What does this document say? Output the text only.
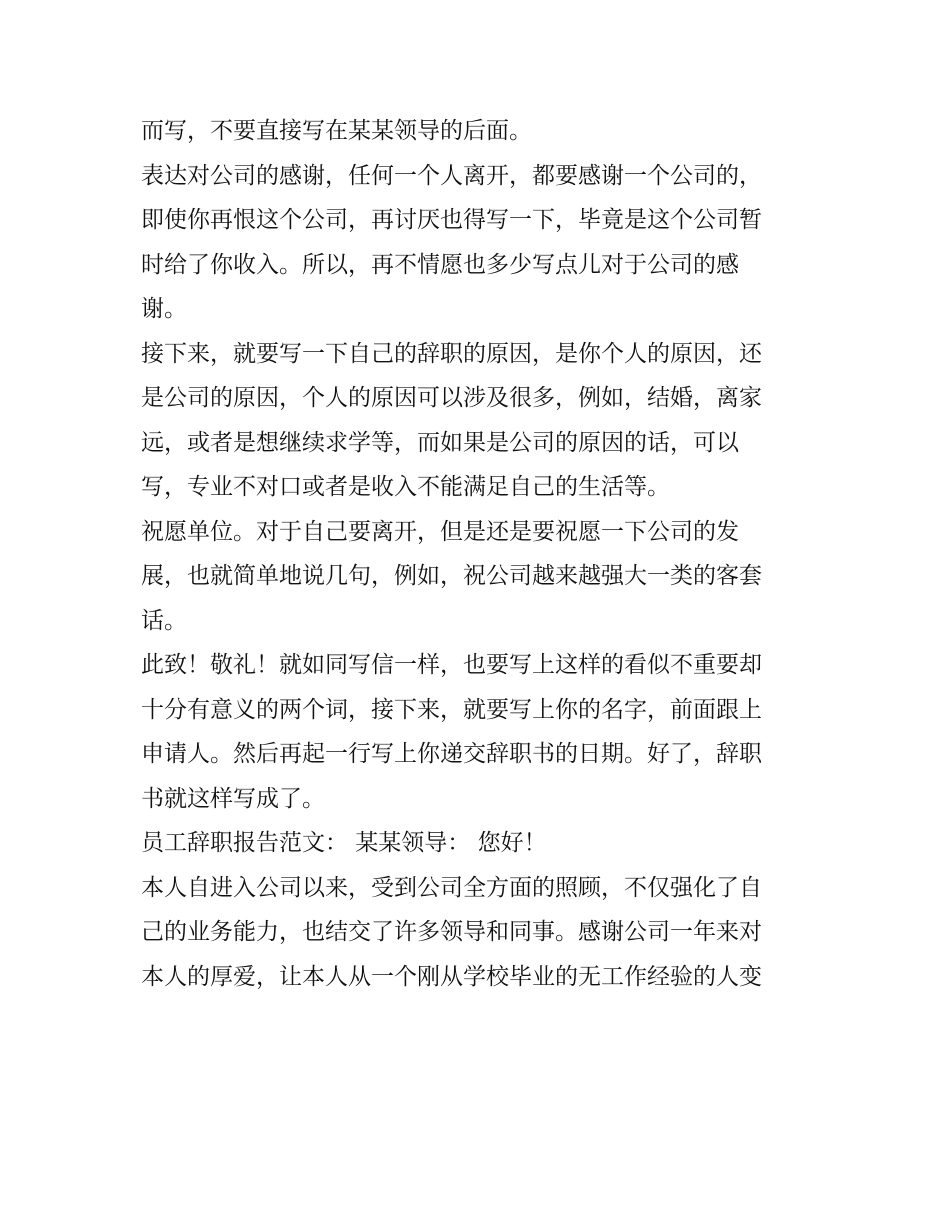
而写，不要直接写在某某领导的后面。
表达对公司的感谢，任何一个人离开，都要感谢一个公司的，
即使你再恨这个公司，再讨厌也得写一下，毕竟是这个公司暂
时给了你收入。所以，再不情愿也多少写点儿对于公司的感
谢。
接下来，就要写一下自己的辞职的原因，是你个人的原因，还
是公司的原因，个人的原因可以涉及很多，例如，结婚，离家
远，或者是想继续求学等，而如果是公司的原因的话，可以
写，专业不对口或者是收入不能满足自己的生活等。
祝愿单位。对于自己要离开，但是还是要祝愿一下公司的发
展，也就简单地说几句，例如，祝公司越来越强大一类的客套
话。
此致！敬礼！就如同写信一样，也要写上这样的看似不重要却
十分有意义的两个词，接下来，就要写上你的名字，前面跟上
申请人。然后再起一行写上你递交辞职书的日期。好了，辞职
书就这样写成了。
员工辞职报告范文： 某某领导： 您好！
本人自进入公司以来，受到公司全方面的照顾，不仅强化了自
己的业务能力，也结交了许多领导和同事。感谢公司一年来对
本人的厚爱，让本人从一个刚从学校毕业的无工作经验的人变
